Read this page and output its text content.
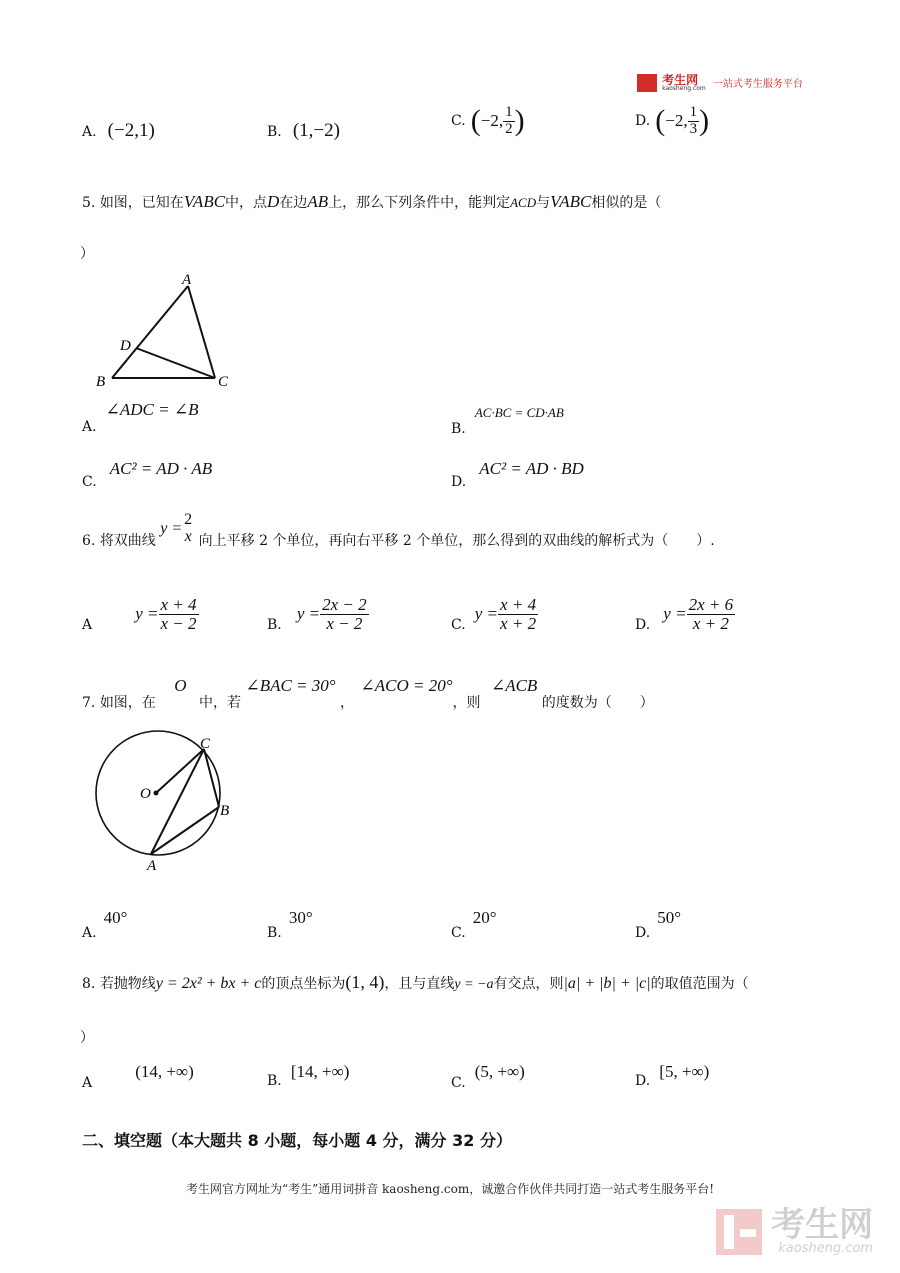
考生网
kaosheng.com 一站式考生服务平台
A. (−2,1)	B. (1,−2)	C. (−2, $\frac{1}{2}$ )	D. (−2, $\frac{1}{3}$ )
5. 如图，已知在VABC中，点D在边AB上，那么下列条件中，能判定ACD与VABC相似的是（
）
A
D
B	C
A. ∠ADC = ∠B
B. AC·BC = CD·AB
C. AC² = AD · AB
D. AC² = AD · BD
6. 将双曲线 y =
2
x 向上平移 2 个单位，再向右平移 2 个单位，那么得到的双曲线的解析式为（　　）.
A $y = \frac{x + 4}{x - 2}$	B. $y = \frac{2x - 2}{x - 2}$	C. $y = \frac{x + 4}{x + 2}$	D. $y = \frac{2x + 6}{x + 2}$
7. 如图，在 O 中，若 ∠BAC = 30° ， ∠ACO = 20°，则 ∠ACB 的度数为（　　）
C
O
B
A
A. 40°
B. 30°
C. 20°
D. 50°
8. 若抛物线y = 2x² + bx + c的顶点坐标为(1, 4)，且与直线y = −a有交点，则|a| + |b| + |c|的取值范围为（
）
A (14, +∞)	B. [14, +∞)
C. (5, +∞)	D. [5, +∞)
二、填空题（本大题共 8 小题，每小题 4 分，满分 32 分）
考生网官方网址为“考生”通用词拼音 kaosheng.com，诚邀合作伙伴共同打造一站式考生服务平台!

考生网
kaosheng.com
